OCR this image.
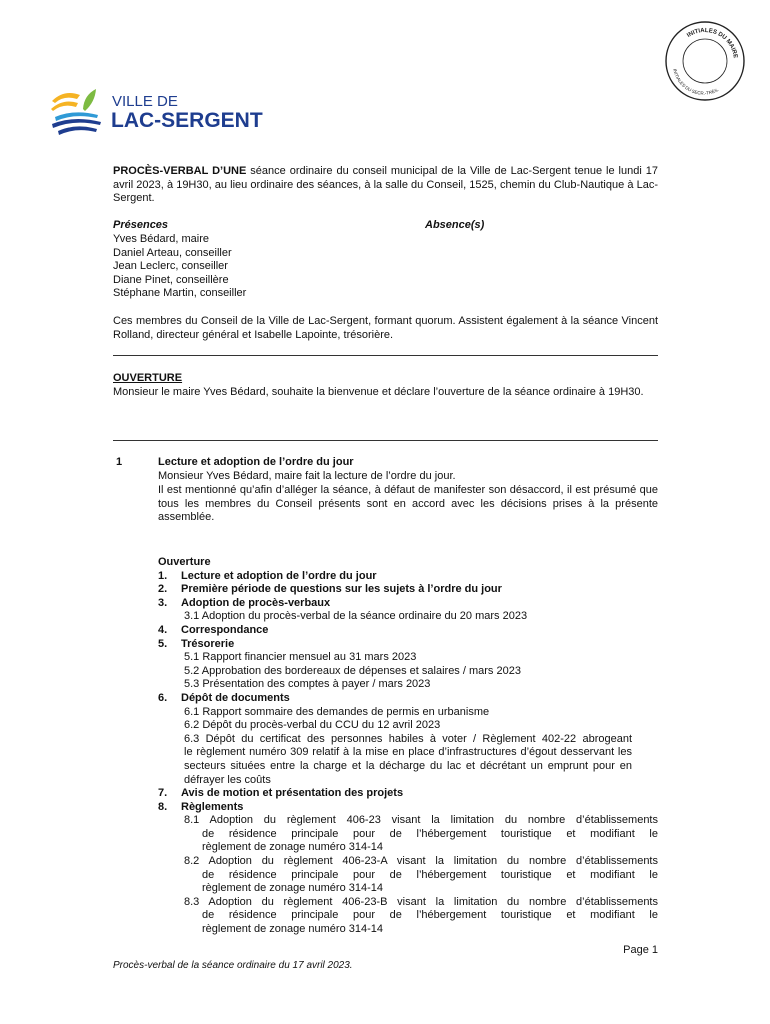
INITIALES DU MAIRE
INITIALES DU SECR.-TRÉS.
VILLE DE
LAC-SERGENT
PROCÈS-VERBAL D’UNE séance ordinaire du conseil municipal de la Ville de Lac-Sergent tenue le lundi 17 avril 2023, à 19H30, au lieu ordinaire des séances, à la salle du Conseil, 1525, chemin du Club-Nautique à Lac-Sergent.
Présences	Absence(s)
Yves Bédard, maire
Daniel Arteau, conseiller
Jean Leclerc, conseiller
Diane Pinet, conseillère
Stéphane Martin, conseiller
Ces membres du Conseil de la Ville de Lac-Sergent, formant quorum. Assistent également à la séance Vincent Rolland, directeur général et Isabelle Lapointe, trésorière.
OUVERTURE
Monsieur le maire Yves Bédard, souhaite la bienvenue et déclare l’ouverture de la séance ordinaire à 19H30.
1	Lecture et adoption de l’ordre du jour
Monsieur Yves Bédard, maire fait la lecture de l’ordre du jour.
Il est mentionné qu’afin d’alléger la séance, à défaut de manifester son désaccord, il est présumé que tous les membres du Conseil présents sont en accord avec les décisions prises à la présente assemblée.
Ouverture
1.	Lecture et adoption de l’ordre du jour
2.	Première période de questions sur les sujets à l’ordre du jour
3.	Adoption de procès-verbaux
3.1 Adoption du procès-verbal de la séance ordinaire du 20 mars 2023
4.	Correspondance
5.	Trésorerie
5.1 Rapport financier mensuel au 31 mars 2023
5.2 Approbation des bordereaux de dépenses et salaires / mars 2023
5.3 Présentation des comptes à payer / mars 2023
6.	Dépôt de documents
6.1 Rapport sommaire des demandes de permis en urbanisme
6.2 Dépôt du procès-verbal du CCU du 12 avril 2023
6.3 Dépôt du certificat des personnes habiles à voter / Règlement 402-22 abrogeant
le règlement numéro 309 relatif à la mise en place d’infrastructures d’égout desservant les secteurs situées entre la charge et la décharge du lac et décrétant un emprunt pour en défrayer les coûts
7.	Avis de motion et présentation des projets
8.	Règlements
8.1 Adoption du règlement 406-23 visant la limitation du nombre d’établissements
de résidence principale pour de l’hébergement touristique et modifiant le
règlement de zonage numéro 314-14
8.2 Adoption du règlement 406-23-A visant la limitation du nombre d’établissements
de résidence principale pour de l’hébergement touristique et modifiant le
règlement de zonage numéro 314-14
8.3 Adoption du règlement 406-23-B visant la limitation du nombre d’établissements
de résidence principale pour de l’hébergement touristique et modifiant le
règlement de zonage numéro 314-14
Page 1
Procès-verbal de la séance ordinaire du 17 avril 2023.
